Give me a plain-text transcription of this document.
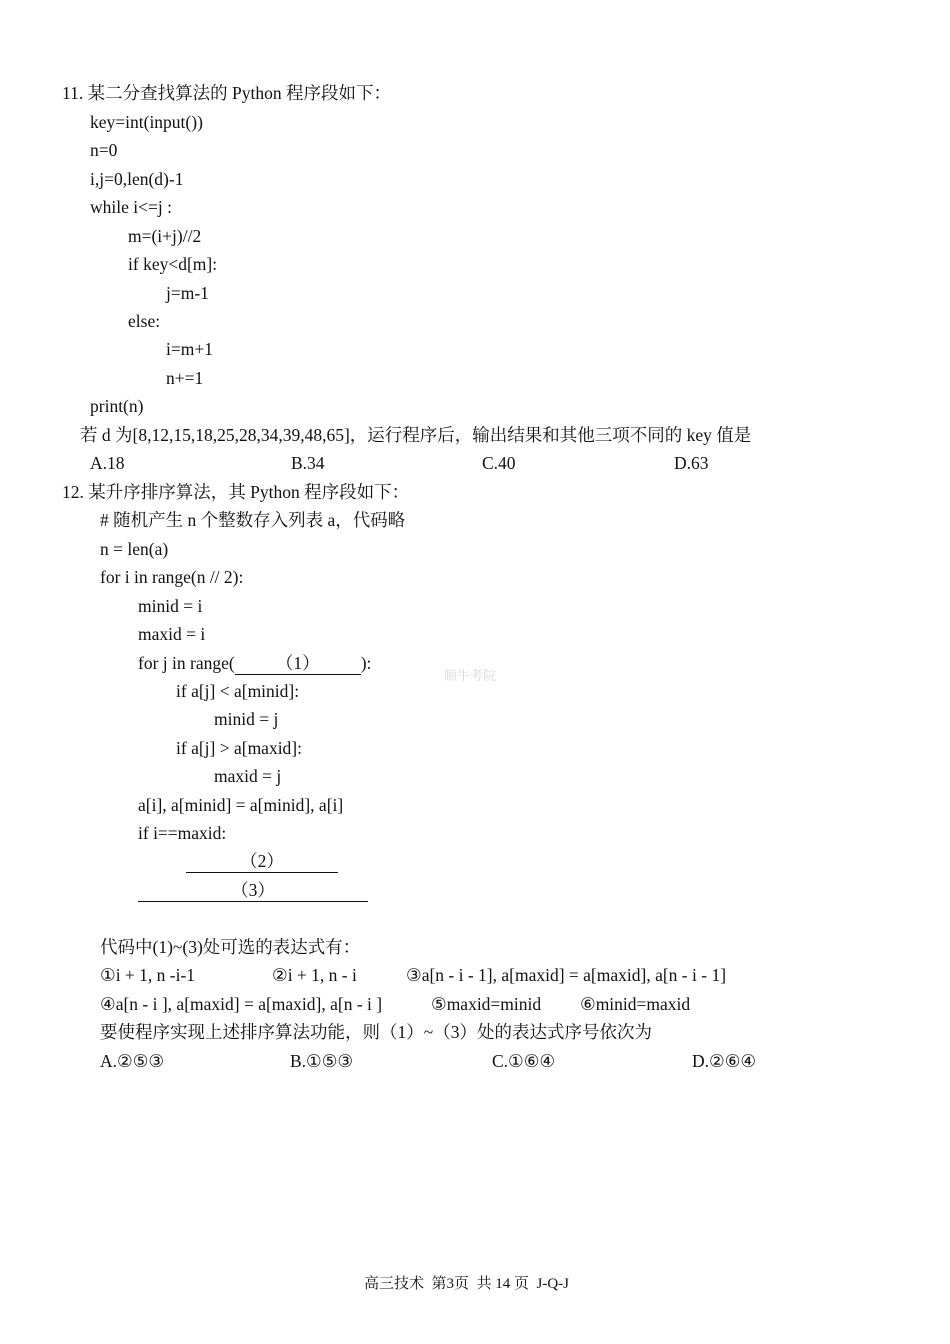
11. 某二分查找算法的 Python 程序段如下：
key=int(input())
n=0
i,j=0,len(d)-1
while i<=j :
m=(i+j)//2
if key<d[m]:
j=m-1
else:
i=m+1
n+=1
print(n)
若 d 为[8,12,15,18,25,28,34,39,48,65]，运行程序后，输出结果和其他三项不同的 key 值是
A.18	B.34	C.40	D.63
12. 某升序排序算法，其 Python 程序段如下：
# 随机产生 n 个整数存入列表 a，代码略
n = len(a)
for i in range(n // 2):
minid = i
maxid = i
for j in range( （1） ):
顺牛考院
if a[j] < a[minid]:
minid = j
if a[j] > a[maxid]:
maxid = j
a[i], a[minid] = a[minid], a[i]
if i==maxid:
（2）
（3）
代码中(1)~(3)处可选的表达式有：
①i + 1, n -i-1	②i + 1, n - i	③a[n - i - 1], a[maxid] = a[maxid], a[n - i - 1]
④a[n - i ], a[maxid] = a[maxid], a[n - i ]	⑤maxid=minid ⑥minid=maxid
要使程序实现上述排序算法功能，则（1）~（3）处的表达式序号依次为
A.②⑤③	B.①⑤③	C.①⑥④	D.②⑥④
高三技术  第3页  共 14 页  J-Q-J
